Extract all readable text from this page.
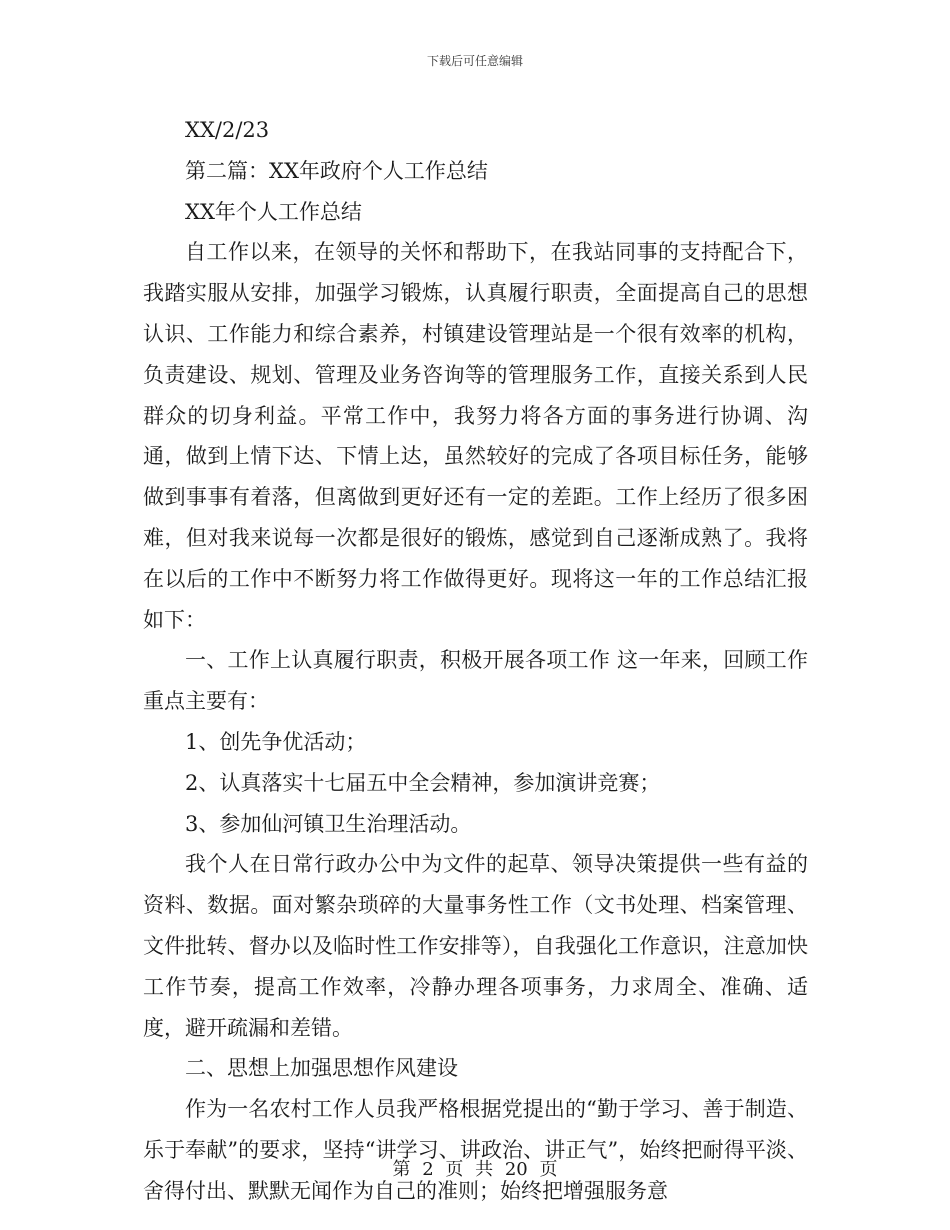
下载后可任意编辑

XX/2/23

第二篇：XX年政府个人工作总结

XX年个人工作总结

自工作以来，在领导的关怀和帮助下，在我站同事的支持配合下，我踏实服从安排，加强学习锻炼，认真履行职责，全面提高自己的思想认识、工作能力和综合素养，村镇建设管理站是一个很有效率的机构，负责建设、规划、管理及业务咨询等的管理服务工作，直接关系到人民群众的切身利益。平常工作中，我努力将各方面的事务进行协调、沟通，做到上情下达、下情上达，虽然较好的完成了各项目标任务，能够做到事事有着落，但离做到更好还有一定的差距。工作上经历了很多困难，但对我来说每一次都是很好的锻炼，感觉到自己逐渐成熟了。我将在以后的工作中不断努力将工作做得更好。现将这一年的工作总结汇报如下：

一、工作上认真履行职责，积极开展各项工作 这一年来，回顾工作重点主要有：

1、创先争优活动；

2、认真落实十七届五中全会精神，参加演讲竞赛；

3、参加仙河镇卫生治理活动。

我个人在日常行政办公中为文件的起草、领导决策提供一些有益的资料、数据。面对繁杂琐碎的大量事务性工作（文书处理、档案管理、文件批转、督办以及临时性工作安排等），自我强化工作意识，注意加快工作节奏，提高工作效率，冷静办理各项事务，力求周全、准确、适度，避开疏漏和差错。

二、思想上加强思想作风建设

作为一名农村工作人员我严格根据党提出的“勤于学习、善于制造、乐于奉献”的要求，坚持“讲学习、讲政治、讲正气”，始终把耐得平淡、舍得付出、默默无闻作为自己的准则；始终把增强服务意

第 2 页 共 20 页
